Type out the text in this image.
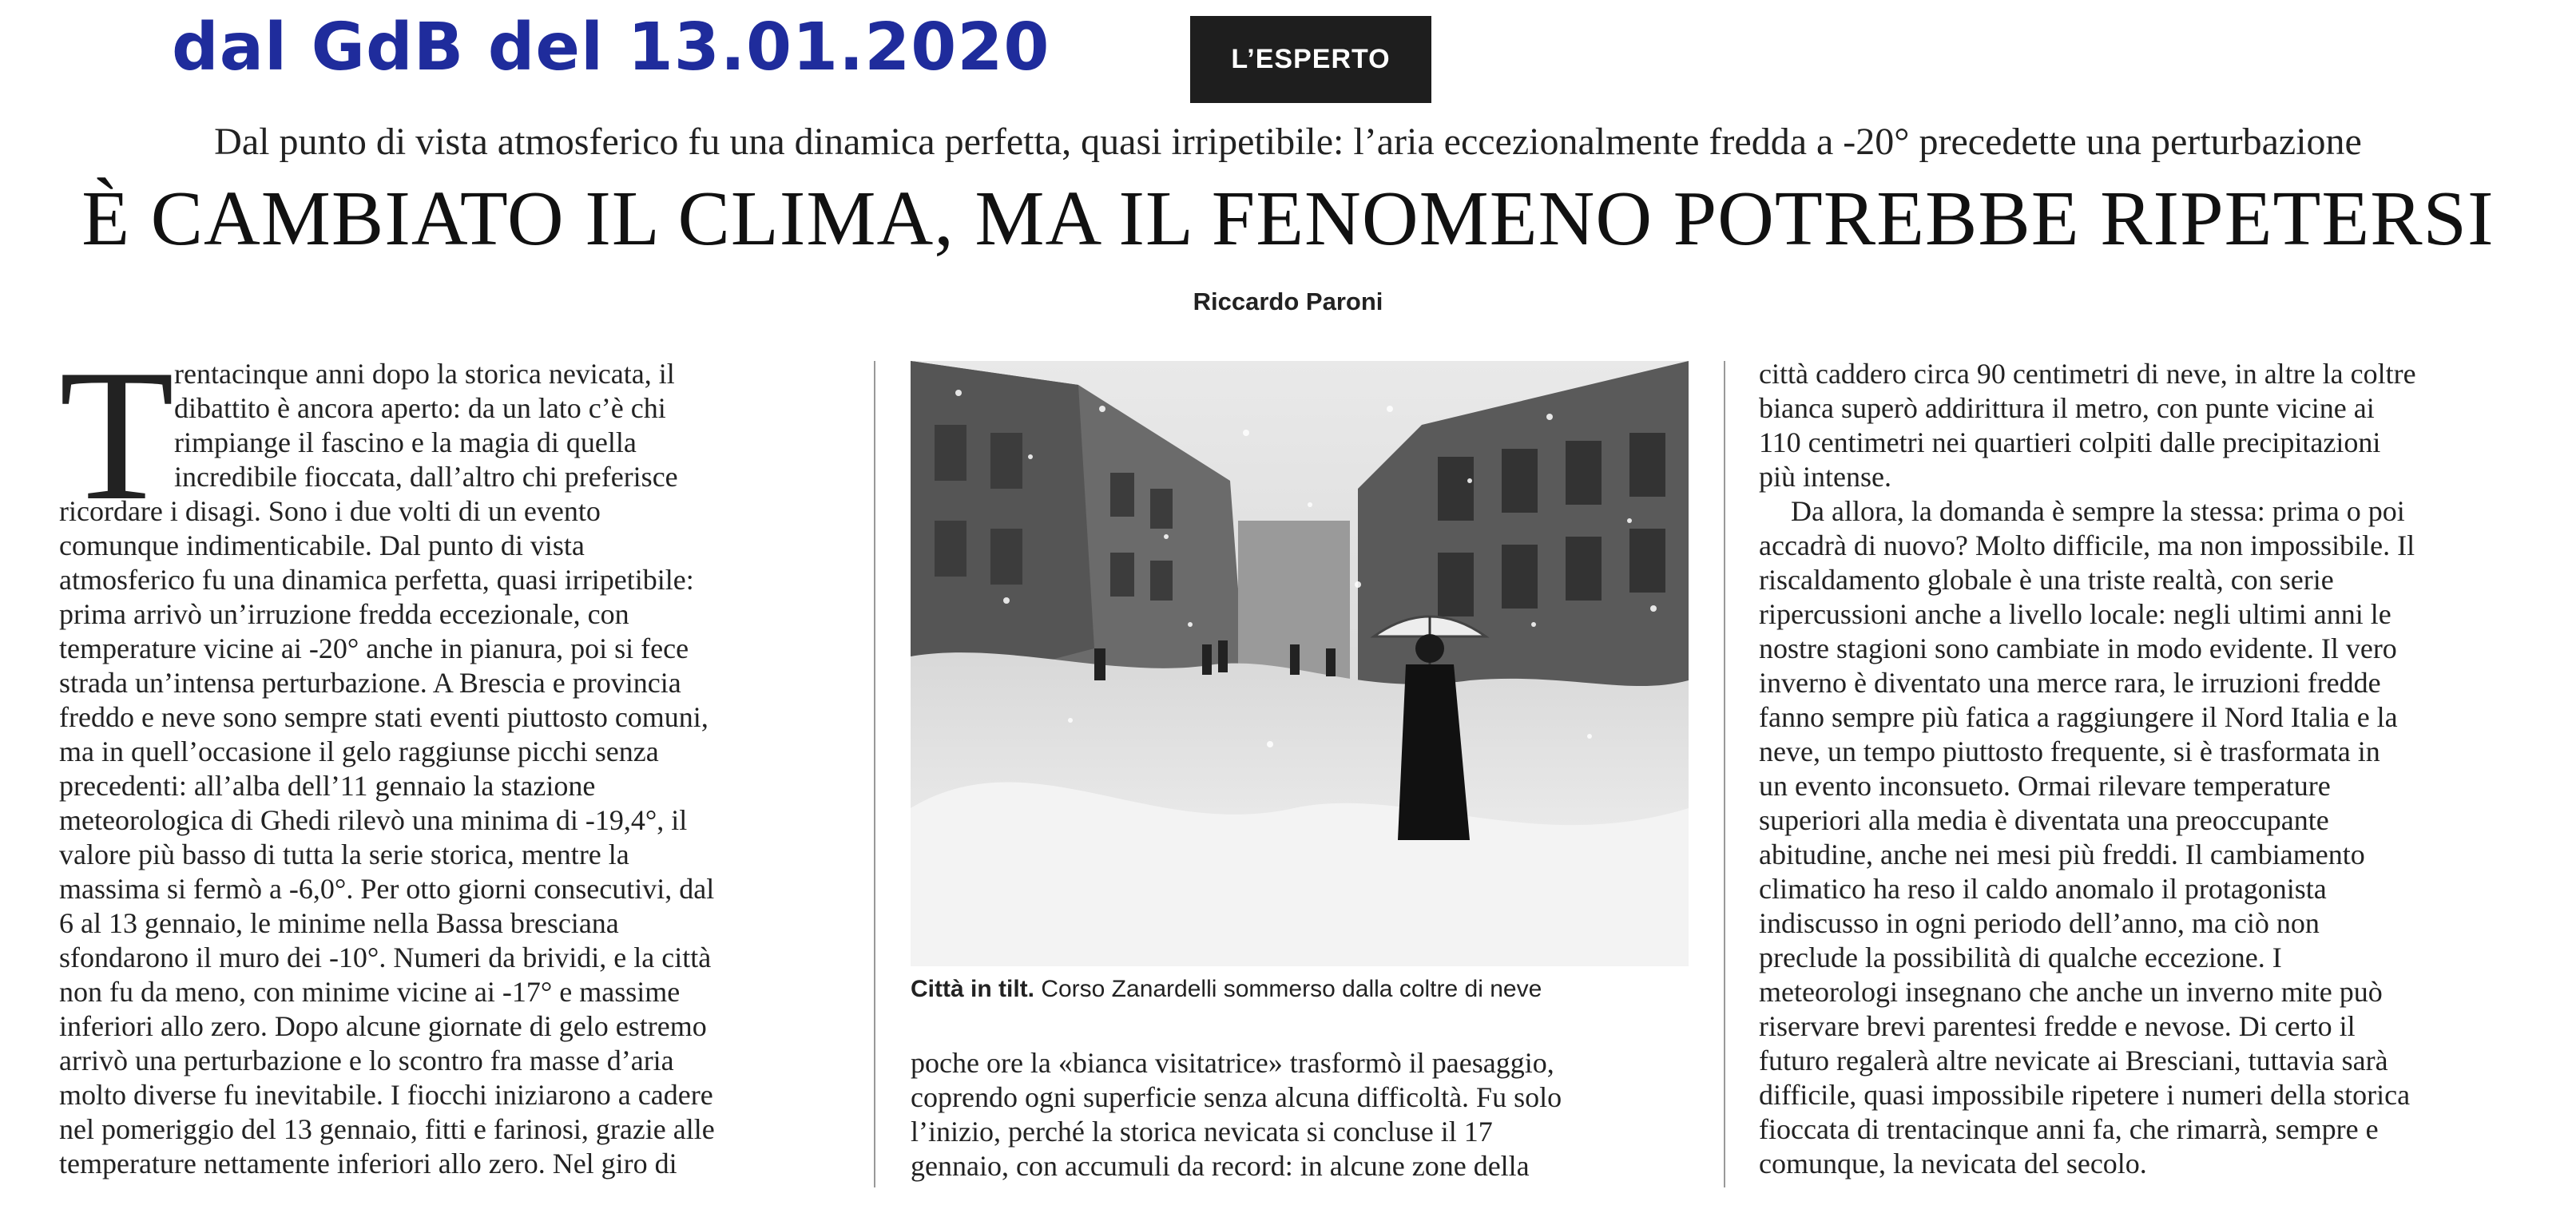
dal GdB del 13.01.2020	L’ESPERTO
Dal punto di vista atmosferico fu una dinamica perfetta, quasi irripetibile: l’aria eccezionalmente fredda a -20° precedette una perturbazione
È CAMBIATO IL CLIMA, MA IL FENOMENO POTREBBE RIPETERSI
Riccardo Paroni
T rentacinque anni dopo la storica nevicata, il
dibattito è ancora aperto: da un lato c’è chi
rimpiange il fascino e la magia di quella
incredibile fioccata, dall’altro chi preferisce
ricordare i disagi. Sono i due volti di un evento
comunque indimenticabile. Dal punto di vista
atmosferico fu una dinamica perfetta, quasi irripetibile:
prima arrivò un’irruzione fredda eccezionale, con
temperature vicine ai -20° anche in pianura, poi si fece
strada un’intensa perturbazione. A Brescia e provincia
freddo e neve sono sempre stati eventi piuttosto comuni,
ma in quell’occasione il gelo raggiunse picchi senza
precedenti: all’alba dell’11 gennaio la stazione
meteorologica di Ghedi rilevò una minima di -19,4°, il
valore più basso di tutta la serie storica, mentre la
massima si fermò a -6,0°. Per otto giorni consecutivi, dal
6 al 13 gennaio, le minime nella Bassa bresciana
sfondarono il muro dei -10°. Numeri da brividi, e la città
non fu da meno, con minime vicine ai -17° e massime
inferiori allo zero. Dopo alcune giornate di gelo estremo
arrivò una perturbazione e lo scontro fra masse d’aria
molto diverse fu inevitabile. I fiocchi iniziarono a cadere
nel pomeriggio del 13 gennaio, fitti e farinosi, grazie alle
temperature nettamente inferiori allo zero. Nel giro di

Città in tilt. Corso Zanardelli sommerso dalla coltre di neve

poche ore la «bianca visitatrice» trasformò il paesaggio,
coprendo ogni superficie senza alcuna difficoltà. Fu solo
l’inizio, perché la storica nevicata si concluse il 17
gennaio, con accumuli da record: in alcune zone della

città caddero circa 90 centimetri di neve, in altre la coltre
bianca superò addirittura il metro, con punte vicine ai
110 centimetri nei quartieri colpiti dalle precipitazioni
più intense.
Da allora, la domanda è sempre la stessa: prima o poi
accadrà di nuovo? Molto difficile, ma non impossibile. Il
riscaldamento globale è una triste realtà, con serie
ripercussioni anche a livello locale: negli ultimi anni le
nostre stagioni sono cambiate in modo evidente. Il vero
inverno è diventato una merce rara, le irruzioni fredde
fanno sempre più fatica a raggiungere il Nord Italia e la
neve, un tempo piuttosto frequente, si è trasformata in
un evento inconsueto. Ormai rilevare temperature
superiori alla media è diventata una preoccupante
abitudine, anche nei mesi più freddi. Il cambiamento
climatico ha reso il caldo anomalo il protagonista
indiscusso in ogni periodo dell’anno, ma ciò non
preclude la possibilità di qualche eccezione. I
meteorologi insegnano che anche un inverno mite può
riservare brevi parentesi fredde e nevose. Di certo il
futuro regalerà altre nevicate ai Bresciani, tuttavia sarà
difficile, quasi impossibile ripetere i numeri della storica
fioccata di trentacinque anni fa, che rimarrà, sempre e
comunque, la nevicata del secolo.
